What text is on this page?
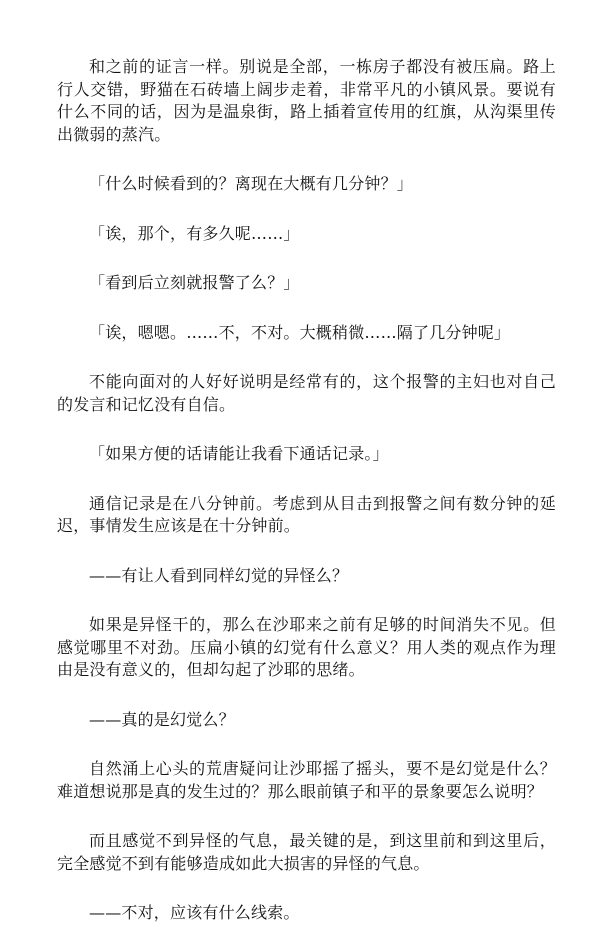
和之前的证言一样。别说是全部，一栋房子都没有被压扁。路上行人交错，野猫在石砖墙上阔步走着，非常平凡的小镇风景。要说有什么不同的话，因为是温泉街，路上插着宣传用的红旗，从沟渠里传出微弱的蒸汽。

「什么时候看到的？离现在大概有几分钟？」

「诶，那个，有多久呢……」

「看到后立刻就报警了么？」

「诶，嗯嗯。……不，不对。大概稍微……隔了几分钟呢」

不能向面对的人好好说明是经常有的，这个报警的主妇也对自己的发言和记忆没有自信。

「如果方便的话请能让我看下通话记录。」

通信记录是在八分钟前。考虑到从目击到报警之间有数分钟的延迟，事情发生应该是在十分钟前。

——有让人看到同样幻觉的异怪么？

如果是异怪干的，那么在沙耶来之前有足够的时间消失不见。但感觉哪里不对劲。压扁小镇的幻觉有什么意义？用人类的观点作为理由是没有意义的，但却勾起了沙耶的思绪。

——真的是幻觉么？

自然涌上心头的荒唐疑问让沙耶摇了摇头，要不是幻觉是什么？难道想说那是真的发生过的？那么眼前镇子和平的景象要怎么说明？

而且感觉不到异怪的气息，最关键的是，到这里前和到这里后，完全感觉不到有能够造成如此大损害的异怪的气息。

——不对，应该有什么线索。
